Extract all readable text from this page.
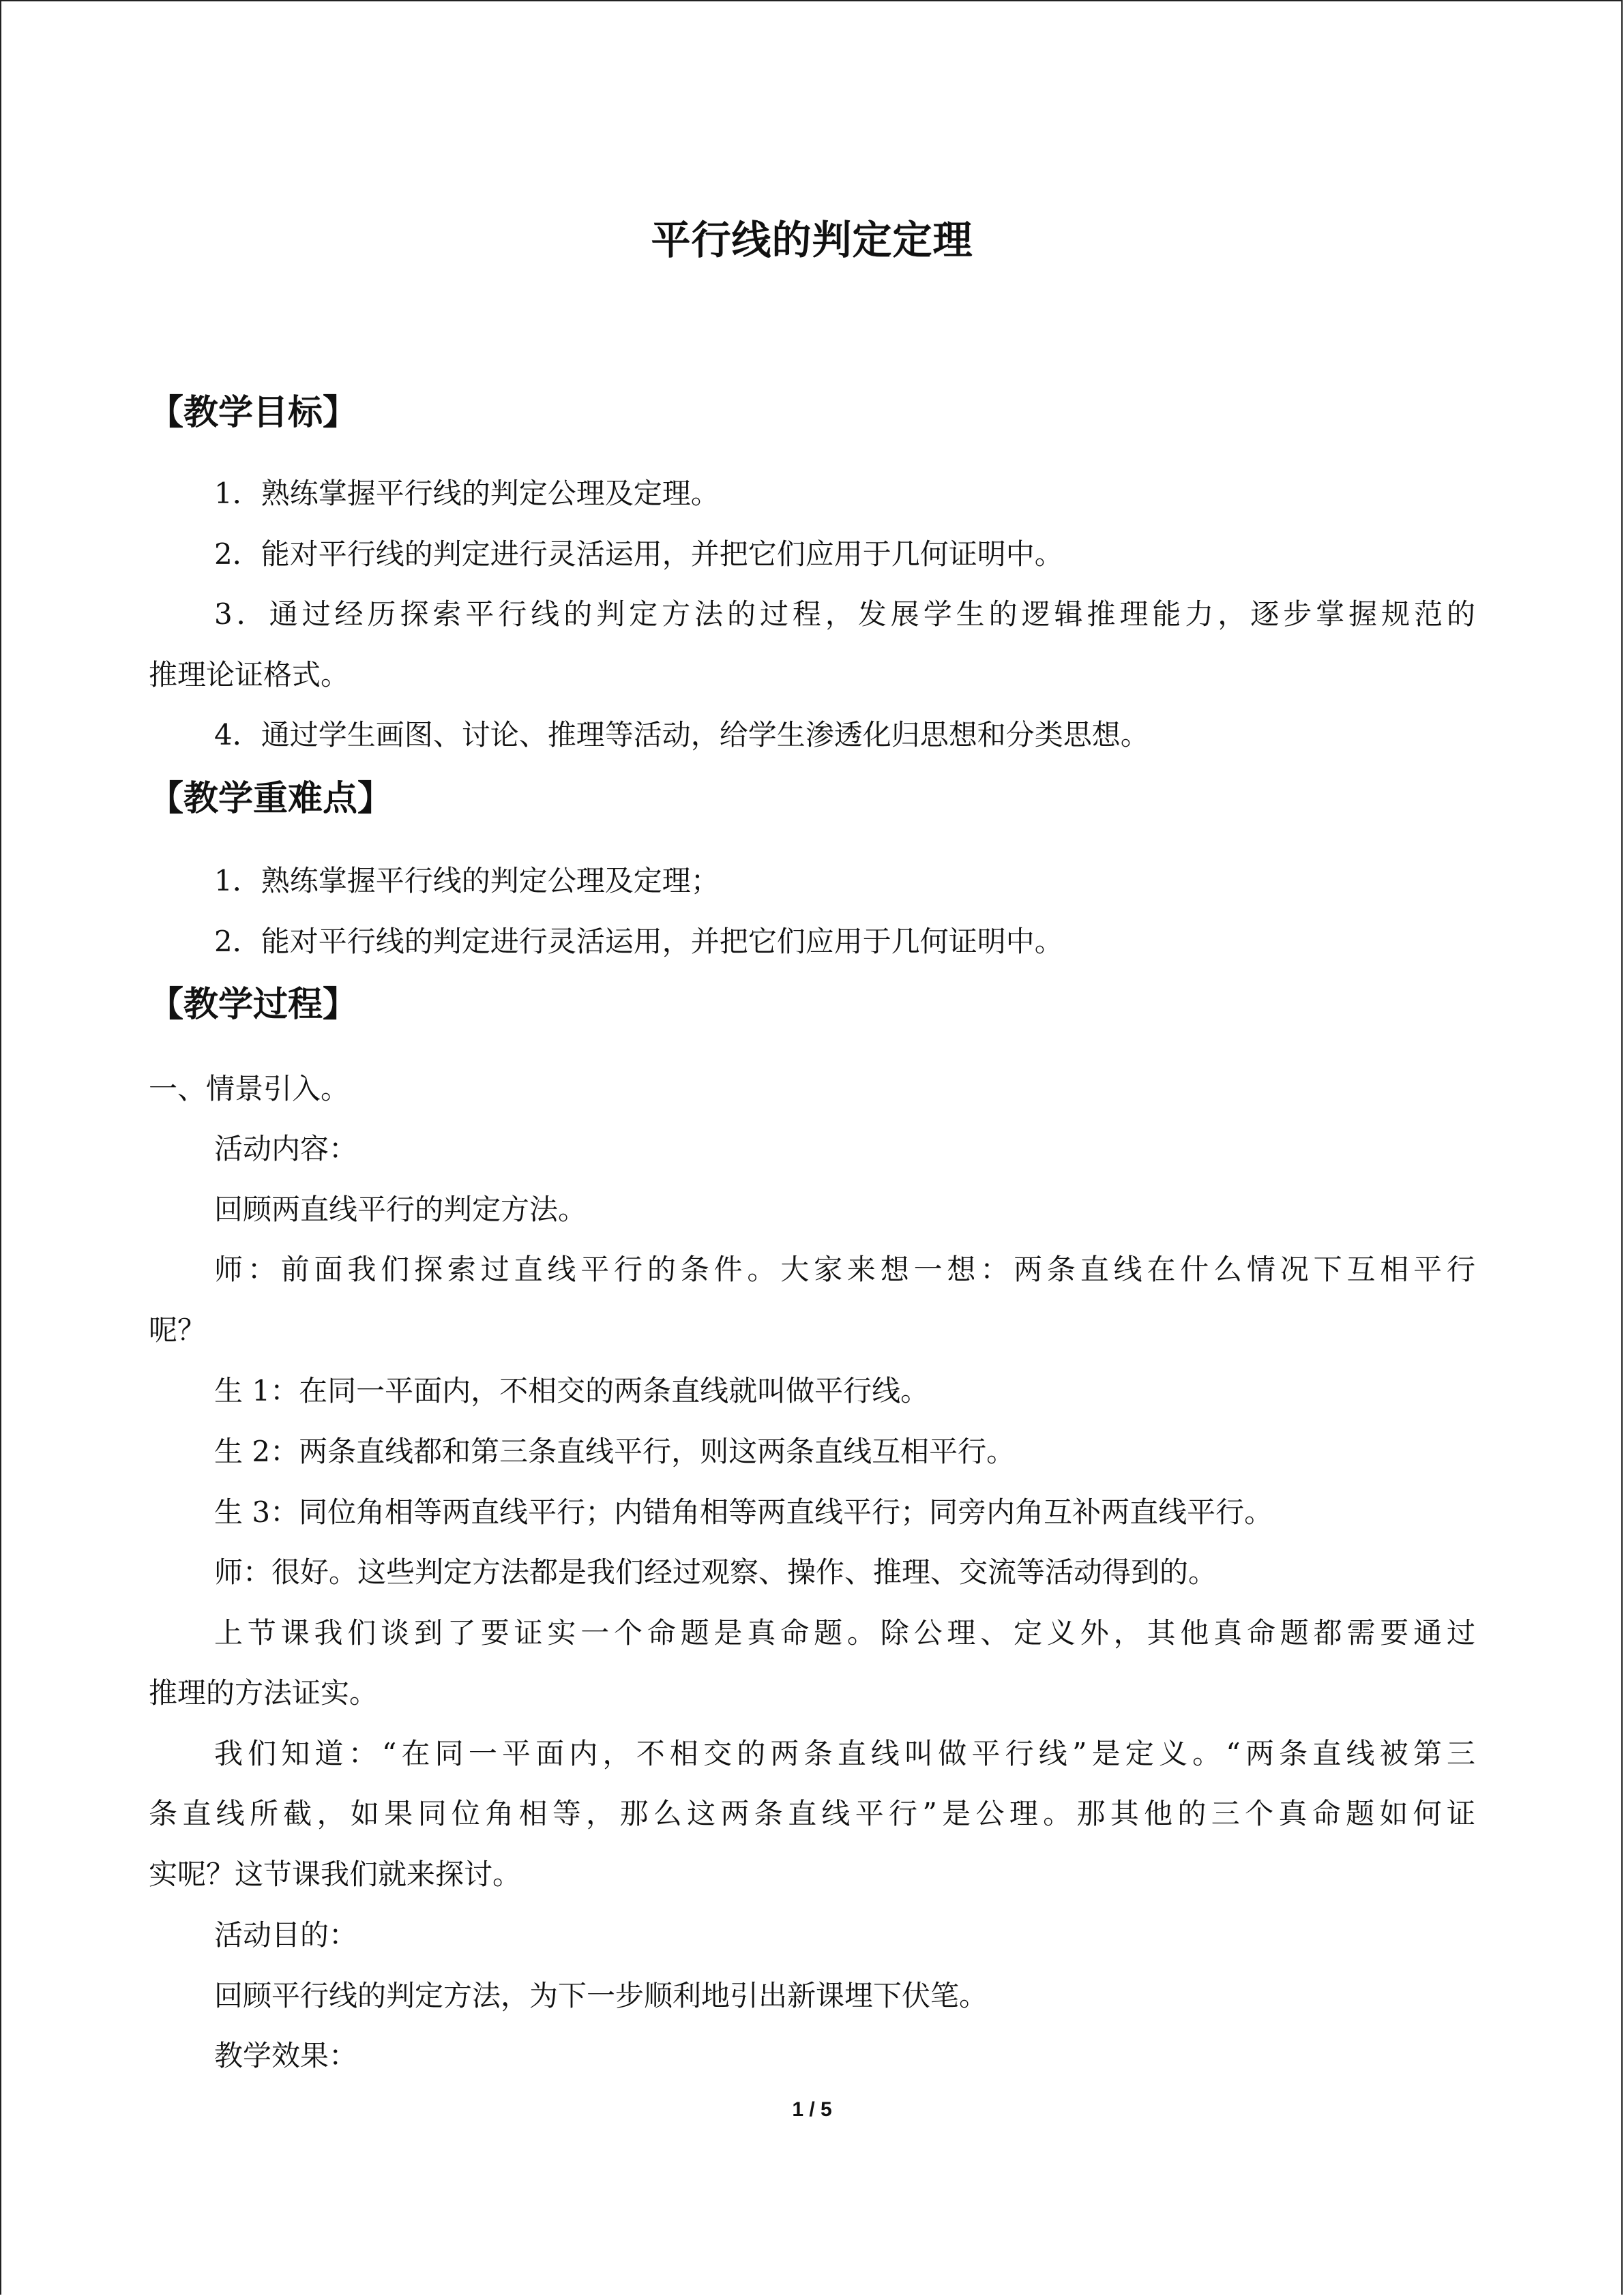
平行线的判定定理
【教学目标】
1．熟练掌握平行线的判定公理及定理。
2．能对平行线的判定进行灵活运用，并把它们应用于几何证明中。
3．通过经历探索平行线的判定方法的过程，发展学生的逻辑推理能力，逐步掌握规范的
推理论证格式。
4．通过学生画图、讨论、推理等活动，给学生渗透化归思想和分类思想。
【教学重难点】
1．熟练掌握平行线的判定公理及定理；
2．能对平行线的判定进行灵活运用，并把它们应用于几何证明中。
【教学过程】
一、情景引入。
活动内容：
回顾两直线平行的判定方法。
师：前面我们探索过直线平行的条件。大家来想一想：两条直线在什么情况下互相平行
呢？
生 1：在同一平面内，不相交的两条直线就叫做平行线。
生 2：两条直线都和第三条直线平行，则这两条直线互相平行。
生 3：同位角相等两直线平行；内错角相等两直线平行；同旁内角互补两直线平行。
师：很好。这些判定方法都是我们经过观察、操作、推理、交流等活动得到的。
上节课我们谈到了要证实一个命题是真命题。除公理、定义外，其他真命题都需要通过
推理的方法证实。
我们知道：“在同一平面内，不相交的两条直线叫做平行线”是定义。“两条直线被第三
条直线所截，如果同位角相等，那么这两条直线平行”是公理。那其他的三个真命题如何证
实呢？这节课我们就来探讨。
活动目的：
回顾平行线的判定方法，为下一步顺利地引出新课埋下伏笔。
教学效果：
1 / 5
